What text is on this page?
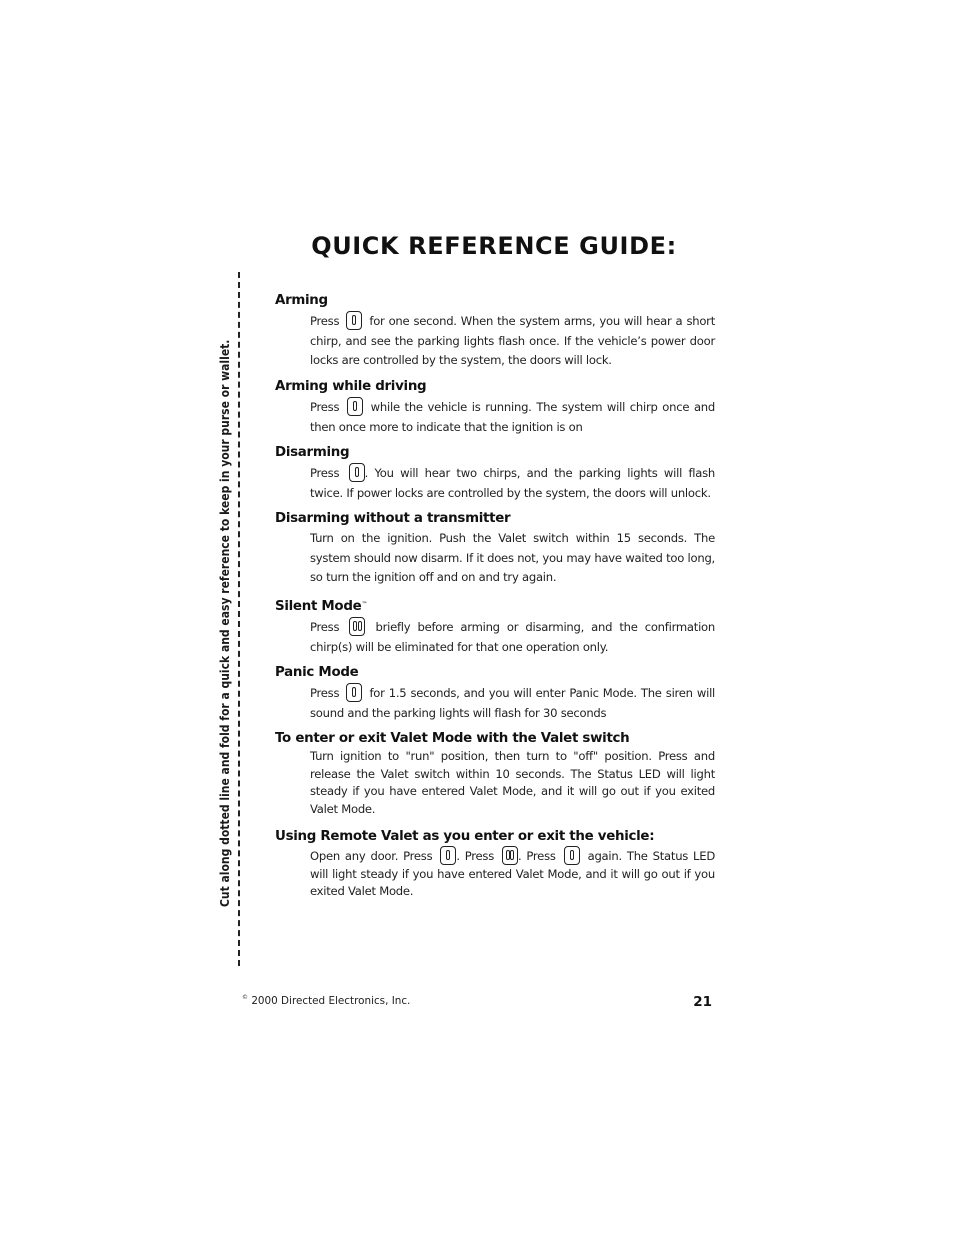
QUICK REFERENCE GUIDE:
Cut along dotted line and fold for a quick and easy reference to keep in your purse or wallet.
Arming
Press	for one second. When the system arms, you will hear a short chirp, and see the parking lights flash once. If the vehicle’s power door locks are controlled by the system, the doors will lock.
Arming while driving
Press	while the vehicle is running. The system will chirp once and then once more to indicate that the ignition is on
Disarming
Press . You will hear two chirps, and the parking lights will flash twice. If power locks are controlled by the system, the doors will unlock.
Disarming without a transmitter
Turn on the ignition. Push the Valet switch within 15 seconds. The system should now disarm. If it does not, you may have waited too long, so turn the ignition off and on and try again.
Silent Mode™
Press	briefly before arming or disarming, and the confirmation chirp(s) will be eliminated for that one operation only.
Panic Mode
Press	for 1.5 seconds, and you will enter Panic Mode. The siren will sound and the parking lights will flash for 30 seconds
To enter or exit Valet Mode with the Valet switch
Turn ignition to "run" position, then turn to "off" position. Press and release the Valet switch within 10 seconds. The Status LED will light steady if you have entered Valet Mode, and it will go out if you exited Valet Mode.
Using Remote Valet as you enter or exit the vehicle:
Open any door. Press . Press . Press	again. The Status LED will light steady if you have entered Valet Mode, and it will go out if you exited Valet Mode.
© 2000 Directed Electronics, Inc.	21
